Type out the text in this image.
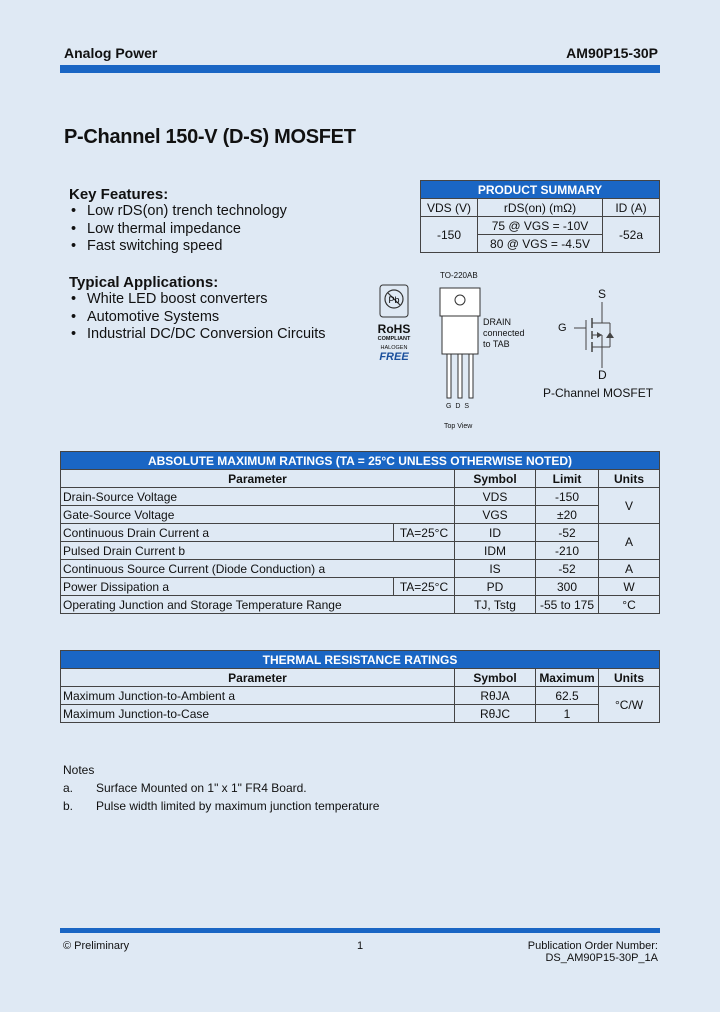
Analog Power	AM90P15-30P
P-Channel 150-V (D-S) MOSFET
Key Features:
• Low rDS(on) trench technology
• Low thermal impedance
• Fast switching speed
Typical Applications:
• White LED boost converters
• Automotive Systems
• Industrial DC/DC Conversion Circuits
PRODUCT SUMMARY		
VDS (V)	rDS(on) (mΩ)	ID (A)
-150	75 @ VGS = -10V	-52a
	80 @ VGS = -4.5V	
Pb
RoHS
COMPLIANT
HALOGEN
FREE
TO-220AB
G D S
Top View
DRAIN connected to TAB
S
G
D
P-Channel MOSFET
ABSOLUTE MAXIMUM RATINGS (TA = 25°C UNLESS OTHERWISE NOTED)				
Parameter		Symbol	Limit	Units
Drain-Source Voltage		VDS	-150	V
Gate-Source Voltage		VGS	±20	
Continuous Drain Current a	TA=25°C	ID	-52	A
Pulsed Drain Current b		IDM	-210	
Continuous Source Current (Diode Conduction) a		IS	-52	A
Power Dissipation a	TA=25°C	PD	300	W
Operating Junction and Storage Temperature Range		TJ, Tstg	-55 to 175	°C
THERMAL RESISTANCE RATINGS			
Parameter	Symbol	Maximum	Units
Maximum Junction-to-Ambient a	RθJA	62.5	°C/W
Maximum Junction-to-Case	RθJC	1	
Notes
a. Surface Mounted on 1" x 1" FR4 Board.
b. Pulse width limited by maximum junction temperature
© Preliminary	1	Publication Order Number:
DS_AM90P15-30P_1A
